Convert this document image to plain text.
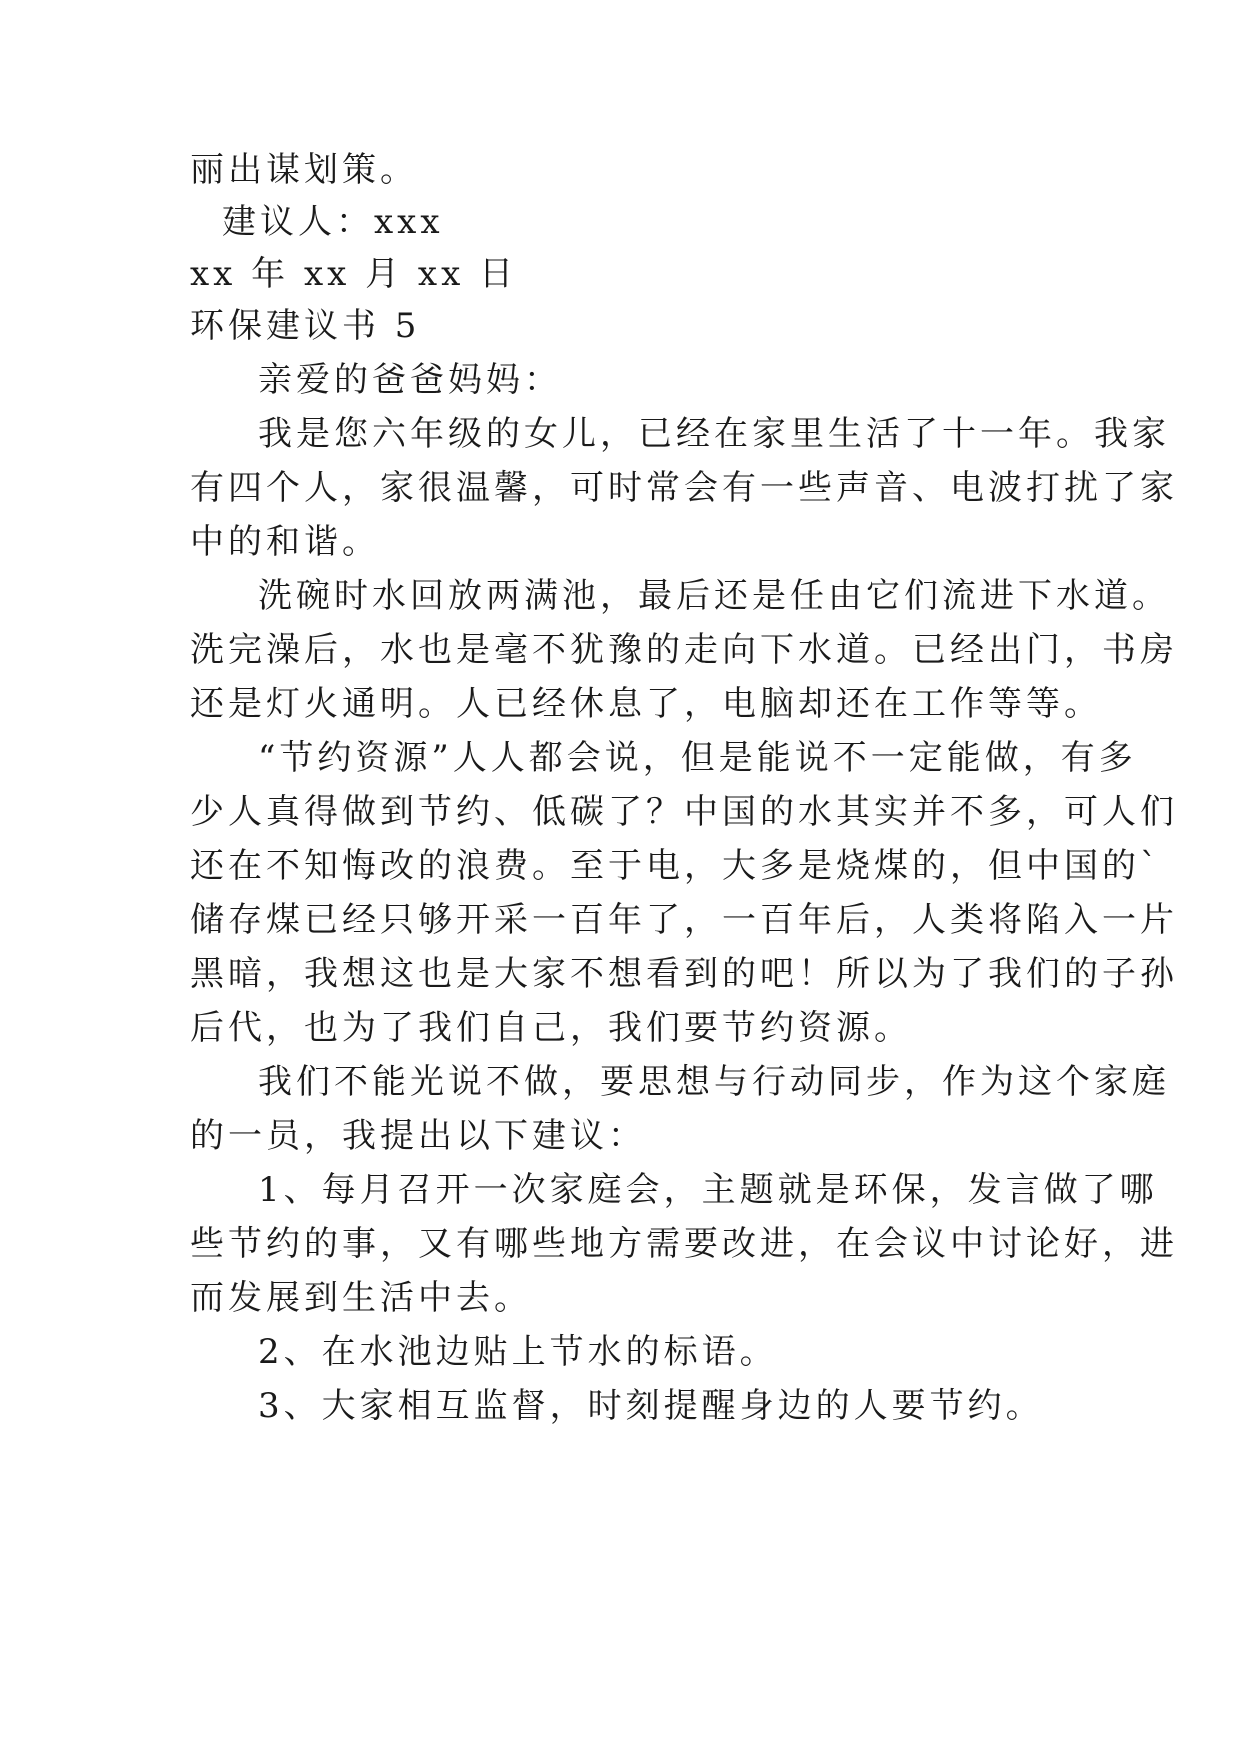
丽出谋划策。
建议人：xxx
xx 年 xx 月 xx 日
环保建议书 5
亲爱的爸爸妈妈：
我是您六年级的女儿，已经在家里生活了十一年。我家
有四个人，家很温馨，可时常会有一些声音、电波打扰了家
中的和谐。
洗碗时水回放两满池，最后还是任由它们流进下水道。
洗完澡后，水也是毫不犹豫的走向下水道。已经出门，书房
还是灯火通明。人已经休息了，电脑却还在工作等等。
“节约资源”人人都会说，但是能说不一定能做，有多
少人真得做到节约、低碳了？中国的水其实并不多，可人们
还在不知悔改的浪费。至于电，大多是烧煤的，但中国的`
储存煤已经只够开采一百年了，一百年后，人类将陷入一片
黑暗，我想这也是大家不想看到的吧！所以为了我们的子孙
后代，也为了我们自己，我们要节约资源。
我们不能光说不做，要思想与行动同步，作为这个家庭
的一员，我提出以下建议：
1、每月召开一次家庭会，主题就是环保，发言做了哪
些节约的事，又有哪些地方需要改进，在会议中讨论好，进
而发展到生活中去。
2、在水池边贴上节水的标语。
3、大家相互监督，时刻提醒身边的人要节约。
